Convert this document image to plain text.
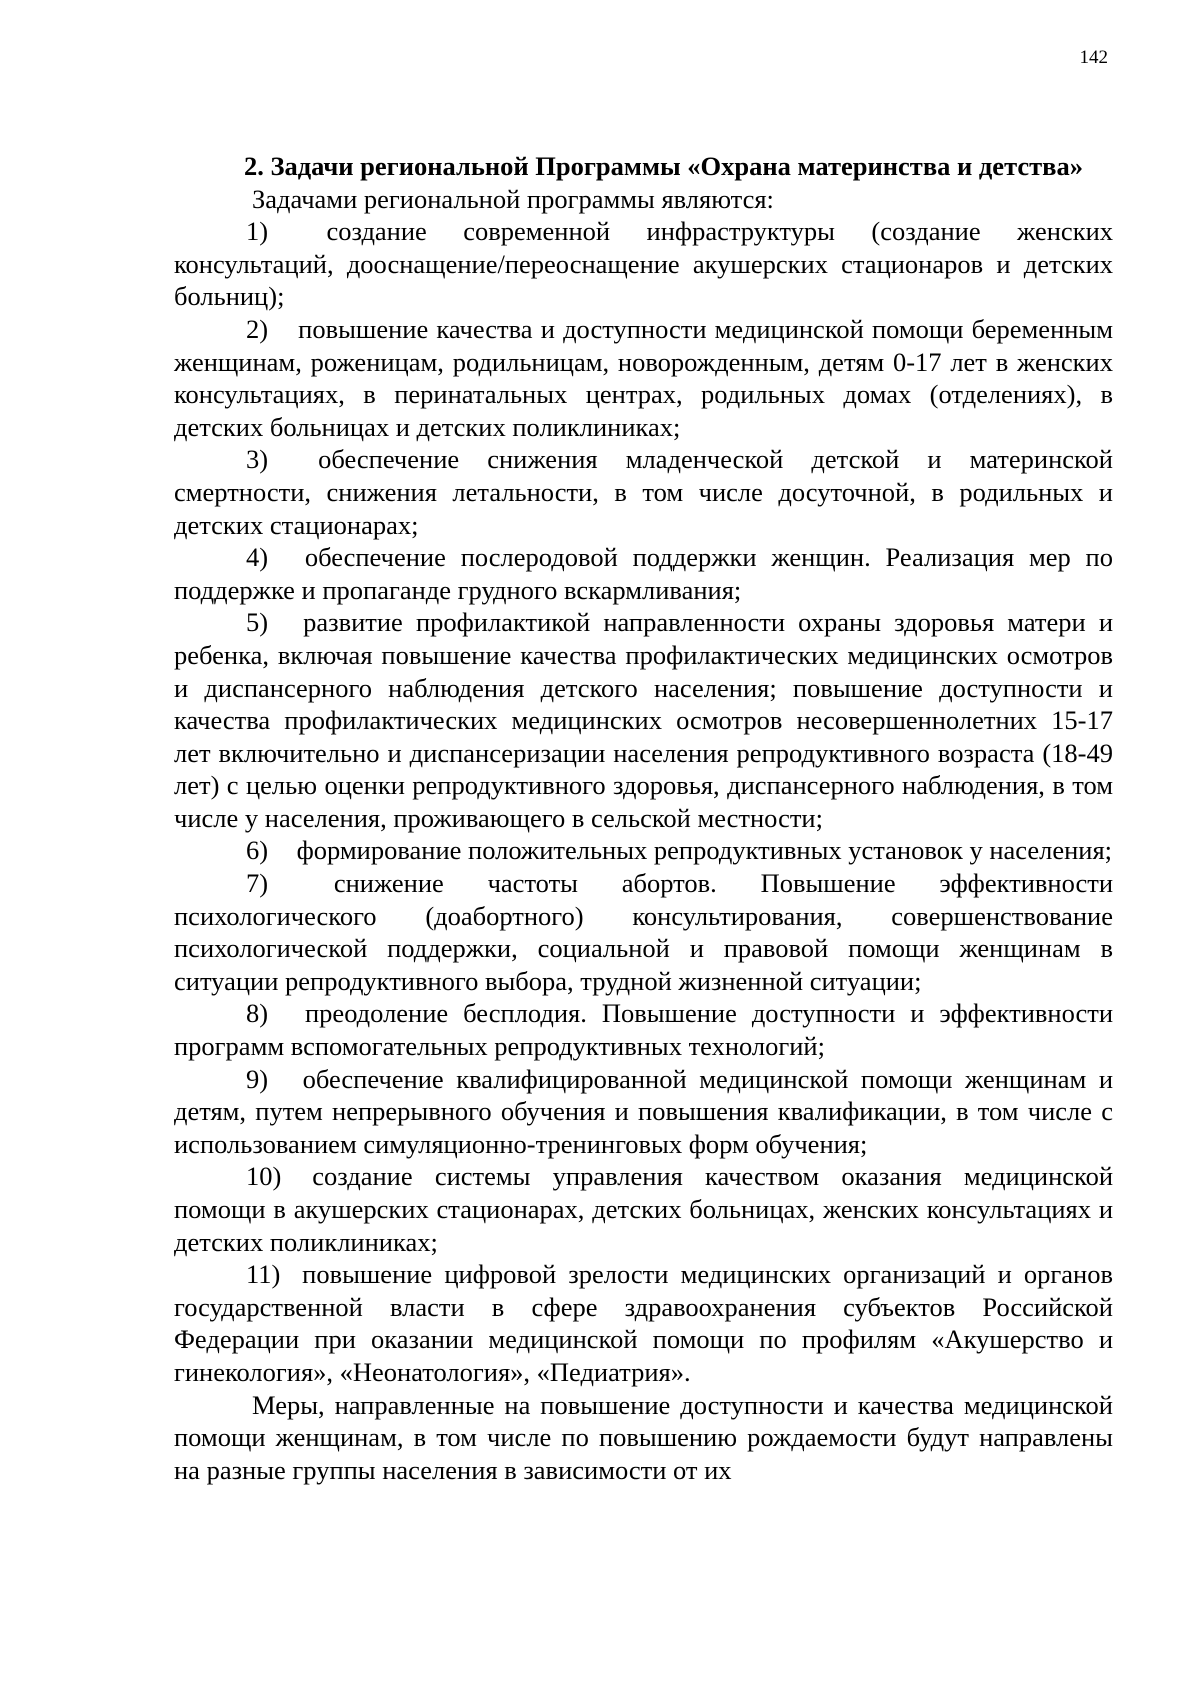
142

2. Задачи региональной Программы «Охрана материнства и детства»

Задачами региональной программы являются:

1) создание современной инфраструктуры (создание женских консультаций, дооснащение/переоснащение акушерских стационаров и детских больниц);

2) повышение качества и доступности медицинской помощи беременным женщинам, роженицам, родильницам, новорожденным, детям 0-17 лет в женских консультациях, в перинатальных центрах, родильных домах (отделениях), в детских больницах и детских поликлиниках;

3) обеспечение снижения младенческой детской и материнской смертности, снижения летальности, в том числе досуточной, в родильных и детских стационарах;

4) обеспечение послеродовой поддержки женщин. Реализация мер по поддержке и пропаганде грудного вскармливания;

5) развитие профилактикой направленности охраны здоровья матери и ребенка, включая повышение качества профилактических медицинских осмотров и диспансерного наблюдения детского населения; повышение доступности и качества профилактических медицинских осмотров несовершеннолетних 15-17 лет включительно и диспансеризации населения репродуктивного возраста (18-49 лет) с целью оценки репродуктивного здоровья, диспансерного наблюдения, в том числе у населения, проживающего в сельской местности;

6) формирование положительных репродуктивных установок у населения;

7) снижение частоты абортов. Повышение эффективности психологического (доабортного) консультирования, совершенствование психологической поддержки, социальной и правовой помощи женщинам в ситуации репродуктивного выбора, трудной жизненной ситуации;

8) преодоление бесплодия. Повышение доступности и эффективности программ вспомогательных репродуктивных технологий;

9) обеспечение квалифицированной медицинской помощи женщинам и детям, путем непрерывного обучения и повышения квалификации, в том числе с использованием симуляционно-тренинговых форм обучения;

10) создание системы управления качеством оказания медицинской помощи в акушерских стационарах, детских больницах, женских консультациях и детских поликлиниках;

11) повышение цифровой зрелости медицинских организаций и органов государственной власти в сфере здравоохранения субъектов Российской Федерации при оказании медицинской помощи по профилям «Акушерство и гинекология», «Неонатология», «Педиатрия».

Меры, направленные на повышение доступности и качества медицинской помощи женщинам, в том числе по повышению рождаемости будут направлены на разные группы населения в зависимости от их
